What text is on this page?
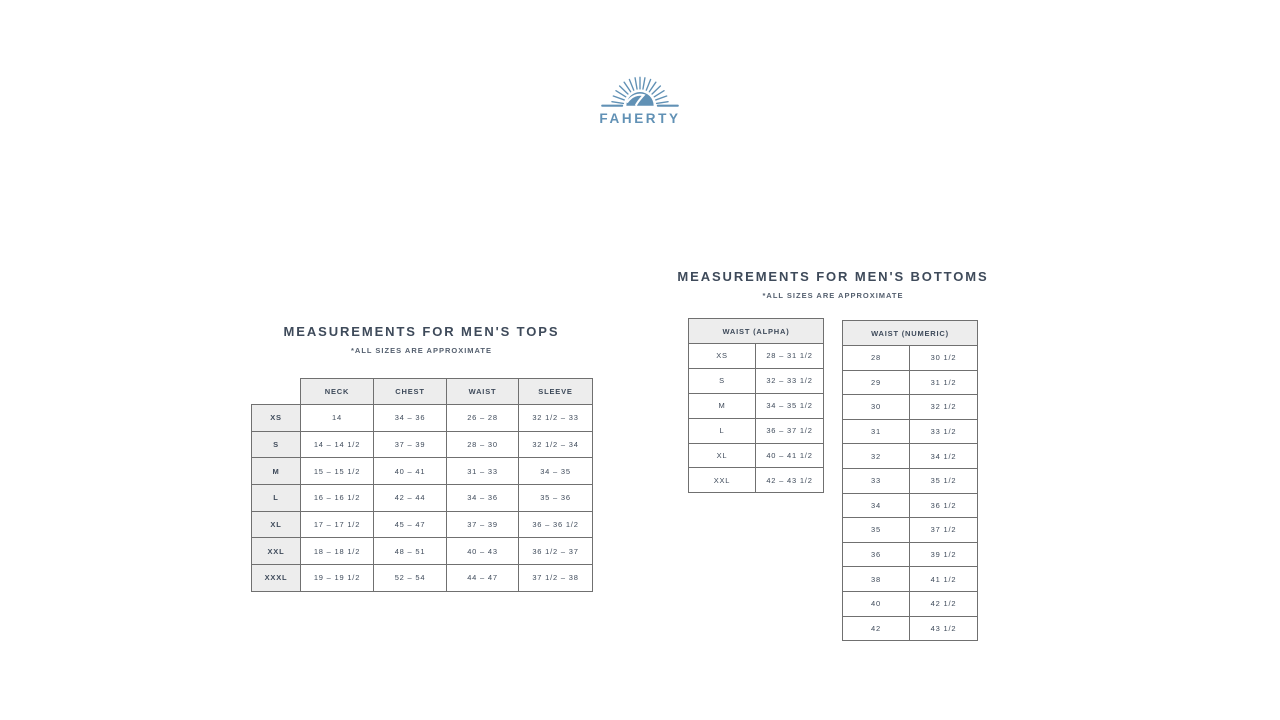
FAHERTY
MEASUREMENTS FOR MEN'S TOPS
*ALL SIZES ARE APPROXIMATE
	NECK	CHEST	WAIST	SLEEVE
XS	14	34 – 36	26 – 28	32 1/2 – 33
S	14 – 14 1/2	37 – 39	28 – 30	32 1/2 – 34
M	15 – 15 1/2	40 – 41	31 – 33	34 – 35
L	16 – 16 1/2	42 – 44	34 – 36	35 – 36
XL	17 – 17 1/2	45 – 47	37 – 39	36 – 36 1/2
XXL	18 – 18 1/2	48 – 51	40 – 43	36 1/2 – 37
XXXL	19 – 19 1/2	52 – 54	44 – 47	37 1/2 – 38
MEASUREMENTS FOR MEN'S BOTTOMS
*ALL SIZES ARE APPROXIMATE
WAIST (ALPHA)	
XS	28 – 31 1/2
S	32 – 33 1/2
M	34 – 35 1/2
L	36 – 37 1/2
XL	40 – 41 1/2
XXL	42 – 43 1/2
WAIST (NUMERIC)	
28	30 1/2
29	31 1/2
30	32 1/2
31	33 1/2
32	34 1/2
33	35 1/2
34	36 1/2
35	37 1/2
36	39 1/2
38	41 1/2
40	42 1/2
42	43 1/2
